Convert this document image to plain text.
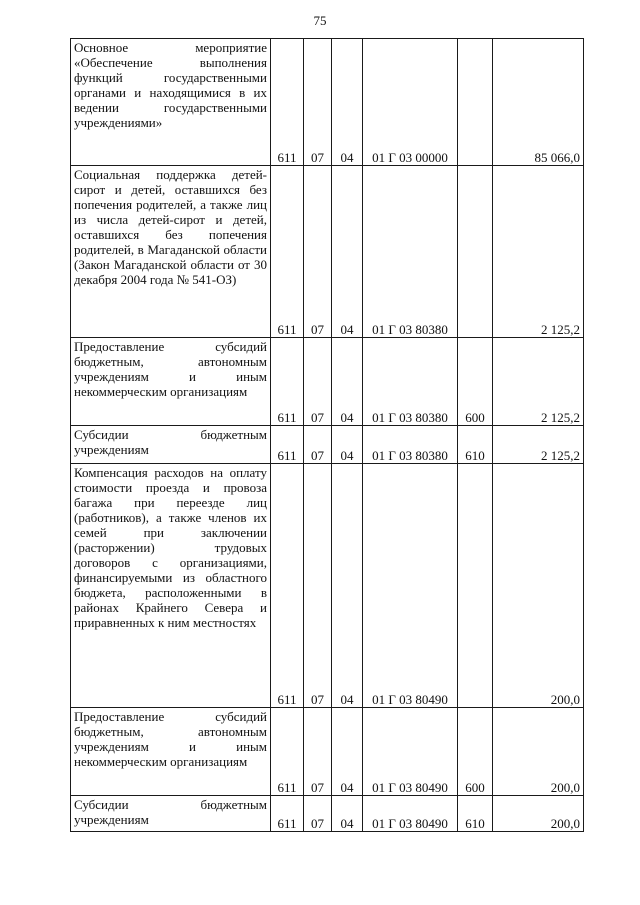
75
Основное мероприятие «Обеспечение выполнения функций государственными органами и находящимися в их ведении государственными учреждениями»	611	07	04	01 Г 03 00000		85 066,0
Социальная поддержка детей-сирот и детей, оставшихся без попечения родителей, а также лиц из числа детей-сирот и детей, оставшихся без попечения родителей, в Магаданской области (Закон Магаданской области от 30 декабря 2004 года № 541-ОЗ)	611	07	04	01 Г 03 80380		2 125,2
Предоставление субсидий бюджетным, автономным учреждениям и иным некоммерческим организациям	611	07	04	01 Г 03 80380	600	2 125,2
Субсидии бюджетным учреждениям	611	07	04	01 Г 03 80380	610	2 125,2
Компенсация расходов на оплату стоимости проезда и провоза багажа при переезде лиц (работников), а также членов их семей при заключении (расторжении) трудовых договоров с организациями, финансируемыми из областного бюджета, расположенными в районах Крайнего Севера и приравненных к ним местностях	611	07	04	01 Г 03 80490		200,0
Предоставление субсидий бюджетным, автономным учреждениям и иным некоммерческим организациям	611	07	04	01 Г 03 80490	600	200,0
Субсидии бюджетным учреждениям	611	07	04	01 Г 03 80490	610	200,0
